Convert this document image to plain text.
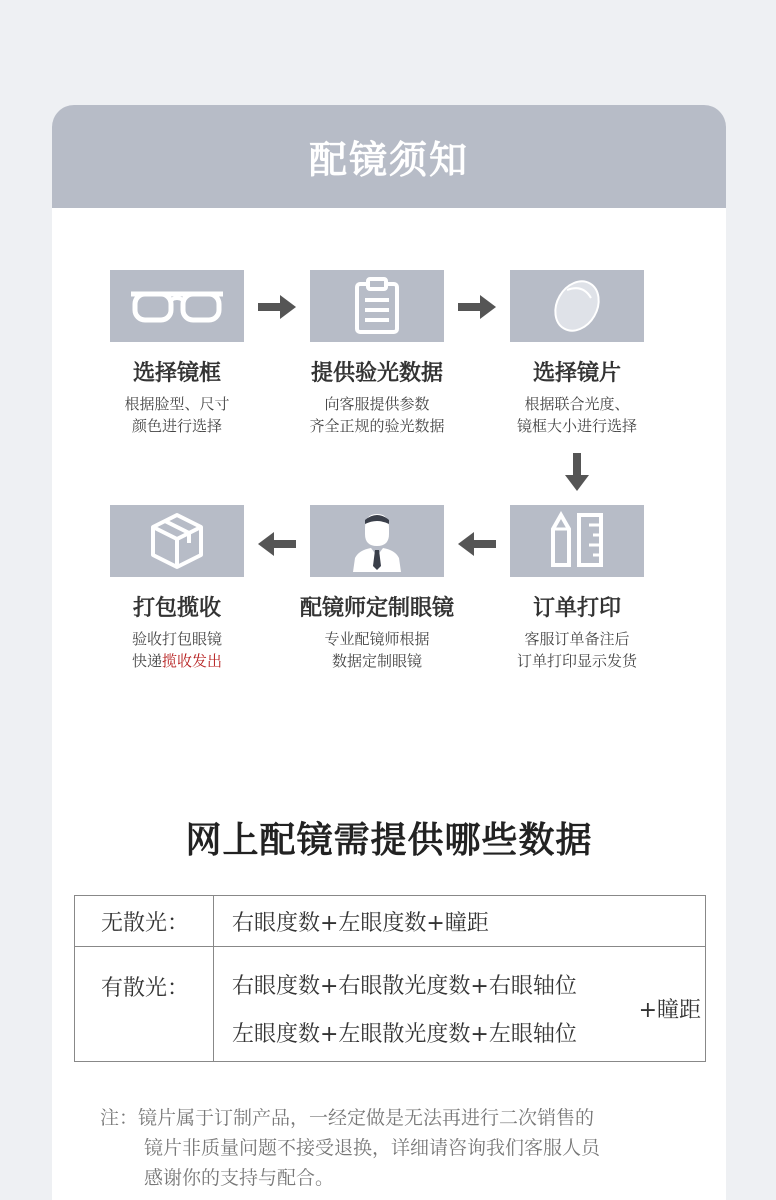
配镜须知
选择镜框
根据脸型、尺寸
颜色进行选择
提供验光数据
向客服提供参数
齐全正规的验光数据
选择镜片
根据联合光度、
镜框大小进行选择
订单打印
客服订单备注后
订单打印显示发货
配镜师定制眼镜
专业配镜师根据
数据定制眼镜
打包揽收
验收打包眼镜
快递揽收发出
网上配镜需提供哪些数据
无散光：	右眼度数+左眼度数+瞳距
有散光：	右眼度数+右眼散光度数+右眼轴位
左眼度数+左眼散光度数+左眼轴位
+瞳距
注：镜片属于订制产品，一经定做是无法再进行二次销售的
镜片非质量问题不接受退换，详细请咨询我们客服人员
感谢你的支持与配合。
